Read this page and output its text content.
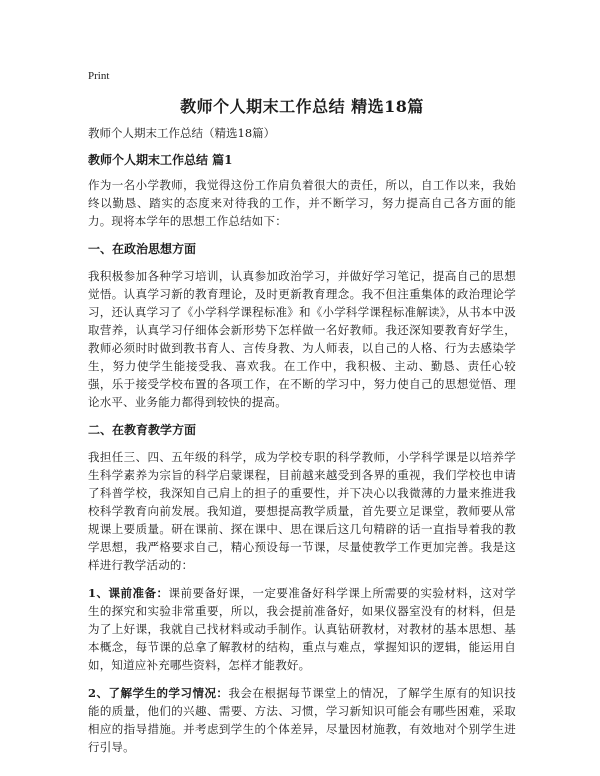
Print
教师个人期末工作总结 精选18篇
教师个人期末工作总结（精选18篇）
教师个人期末工作总结 篇1

作为一名小学教师，我觉得这份工作肩负着很大的责任，所以，自工作以来，我始终以勤恳、踏实的态度来对待我的工作，并不断学习，努力提高自己各方面的能力。现将本学年的思想工作总结如下：

一、在政治思想方面

我积极参加各种学习培训，认真参加政治学习，并做好学习笔记，提高自己的思想觉悟。认真学习新的教育理论，及时更新教育理念。我不但注重集体的政治理论学习，还认真学习了《小学科学课程标准》和《小学科学课程标准解读》，从书本中汲取营养，认真学习仔细体会新形势下怎样做一名好教师。我还深知要教育好学生，教师必须时时做到教书育人、言传身教、为人师表，以自己的人格、行为去感染学生，努力使学生能接受我、喜欢我。在工作中，我积极、主动、勤恳、责任心较强，乐于接受学校布置的各项工作，在不断的学习中，努力使自己的思想觉悟、理论水平、业务能力都得到较快的提高。

二、在教育教学方面

我担任三、四、五年级的科学，成为学校专职的科学教师，小学科学课是以培养学生科学素养为宗旨的科学启蒙课程，目前越来越受到各界的重视，我们学校也申请了科普学校，我深知自己肩上的担子的重要性，并下决心以我微薄的力量来推进我校科学教育向前发展。我知道，要想提高教学质量，首先要立足课堂，教师要从常规课上要质量。研在课前、探在课中、思在课后这几句精辟的话一直指导着我的教学思想，我严格要求自己，精心预设每一节课，尽量使教学工作更加完善。我是这样进行教学活动的：

1、课前准备：课前要备好课，一定要准备好科学课上所需要的实验材料，这对学生的探究和实验非常重要，所以，我会提前准备好，如果仪器室没有的材料，但是为了上好课，我就自己找材料或动手制作。认真钻研教材，对教材的基本思想、基本概念，每节课的总拿了解教材的结构，重点与难点，掌握知识的逻辑，能运用自如，知道应补充哪些资料，怎样才能教好。

2、了解学生的学习情况：我会在根据每节课堂上的情况，了解学生原有的知识技能的质量，他们的兴趣、需要、方法、习惯，学习新知识可能会有哪些困难，采取相应的指导措施。并考虑到学生的个体差异，尽量因材施教，有效地对个别学生进行引导。
